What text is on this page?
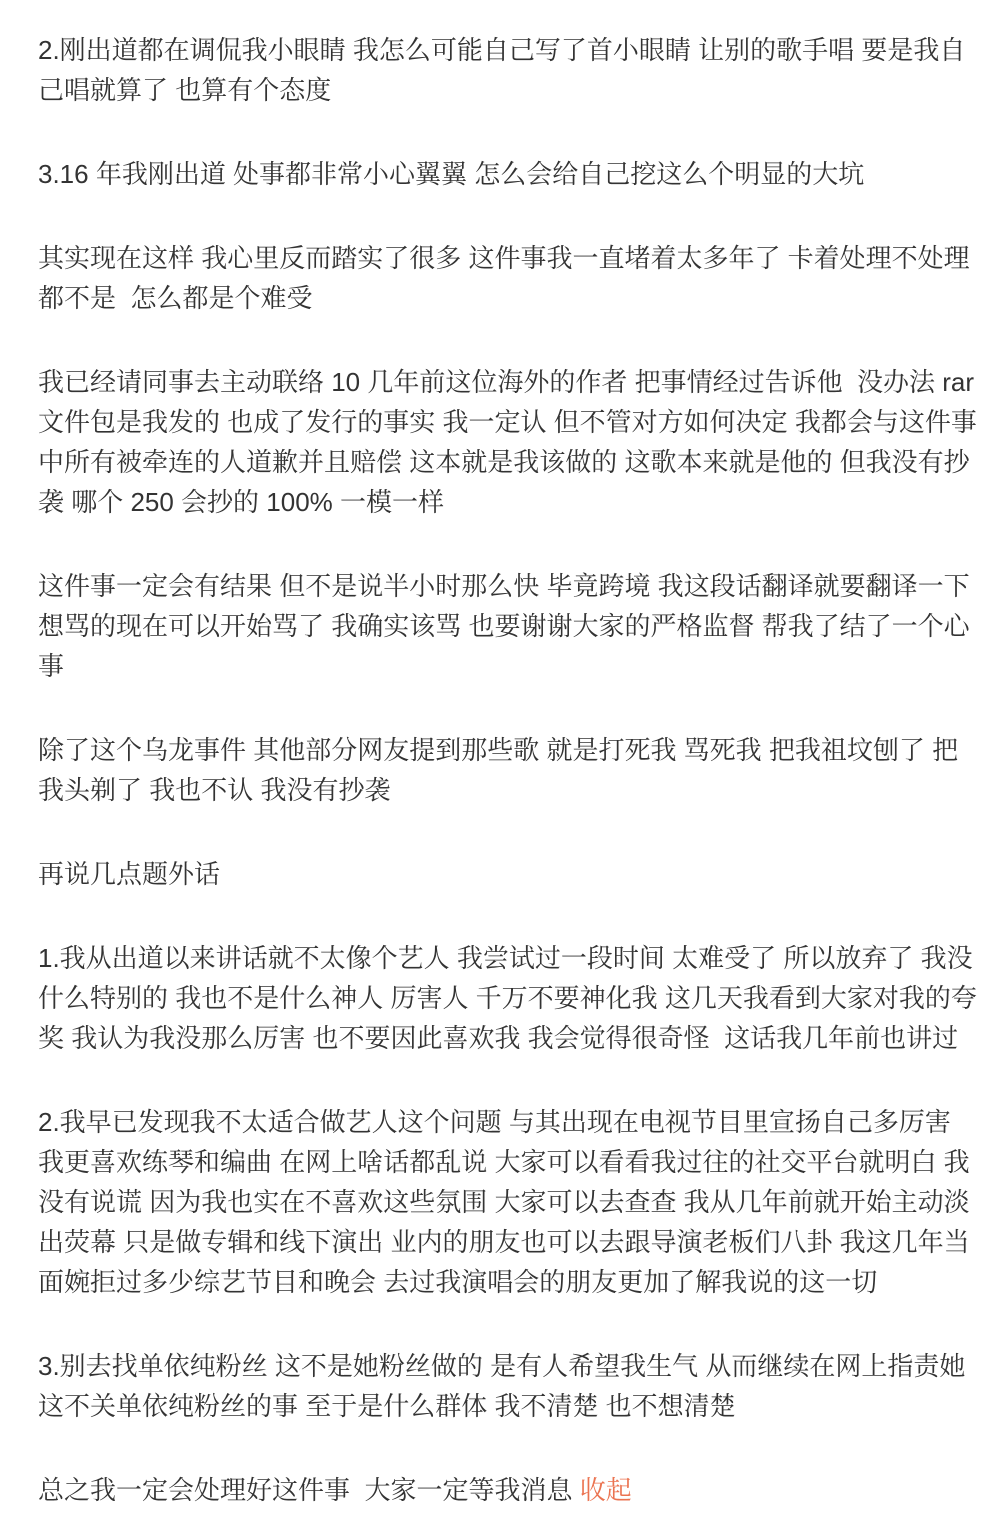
2.刚出道都在调侃我小眼睛 我怎么可能自己写了首小眼睛 让别的歌手唱 要是我自
己唱就算了 也算有个态度
3.16 年我刚出道 处事都非常小心翼翼 怎么会给自己挖这么个明显的大坑
其实现在这样 我心里反而踏实了很多 这件事我一直堵着太多年了 卡着处理不处理
都不是  怎么都是个难受
我已经请同事去主动联络 10 几年前这位海外的作者 把事情经过告诉他  没办法 rar
文件包是我发的 也成了发行的事实 我一定认 但不管对方如何决定 我都会与这件事
中所有被牵连的人道歉并且赔偿 这本就是我该做的 这歌本来就是他的 但我没有抄
袭 哪个 250 会抄的 100% 一模一样
这件事一定会有结果 但不是说半小时那么快 毕竟跨境 我这段话翻译就要翻译一下
想骂的现在可以开始骂了 我确实该骂 也要谢谢大家的严格监督 帮我了结了一个心
事
除了这个乌龙事件 其他部分网友提到那些歌 就是打死我 骂死我 把我祖坟刨了 把
我头剃了 我也不认 我没有抄袭
再说几点题外话
1.我从出道以来讲话就不太像个艺人 我尝试过一段时间 太难受了 所以放弃了 我没
什么特别的 我也不是什么神人 厉害人 千万不要神化我 这几天我看到大家对我的夸
奖 我认为我没那么厉害 也不要因此喜欢我 我会觉得很奇怪  这话我几年前也讲过
2.我早已发现我不太适合做艺人这个问题 与其出现在电视节目里宣扬自己多厉害
我更喜欢练琴和编曲 在网上啥话都乱说 大家可以看看我过往的社交平台就明白 我
没有说谎 因为我也实在不喜欢这些氛围 大家可以去查查 我从几年前就开始主动淡
出荧幕 只是做专辑和线下演出 业内的朋友也可以去跟导演老板们八卦 我这几年当
面婉拒过多少综艺节目和晚会 去过我演唱会的朋友更加了解我说的这一切
3.别去找单依纯粉丝 这不是她粉丝做的 是有人希望我生气 从而继续在网上指责她
这不关单依纯粉丝的事 至于是什么群体 我不清楚 也不想清楚
总之我一定会处理好这件事  大家一定等我消息 收起
